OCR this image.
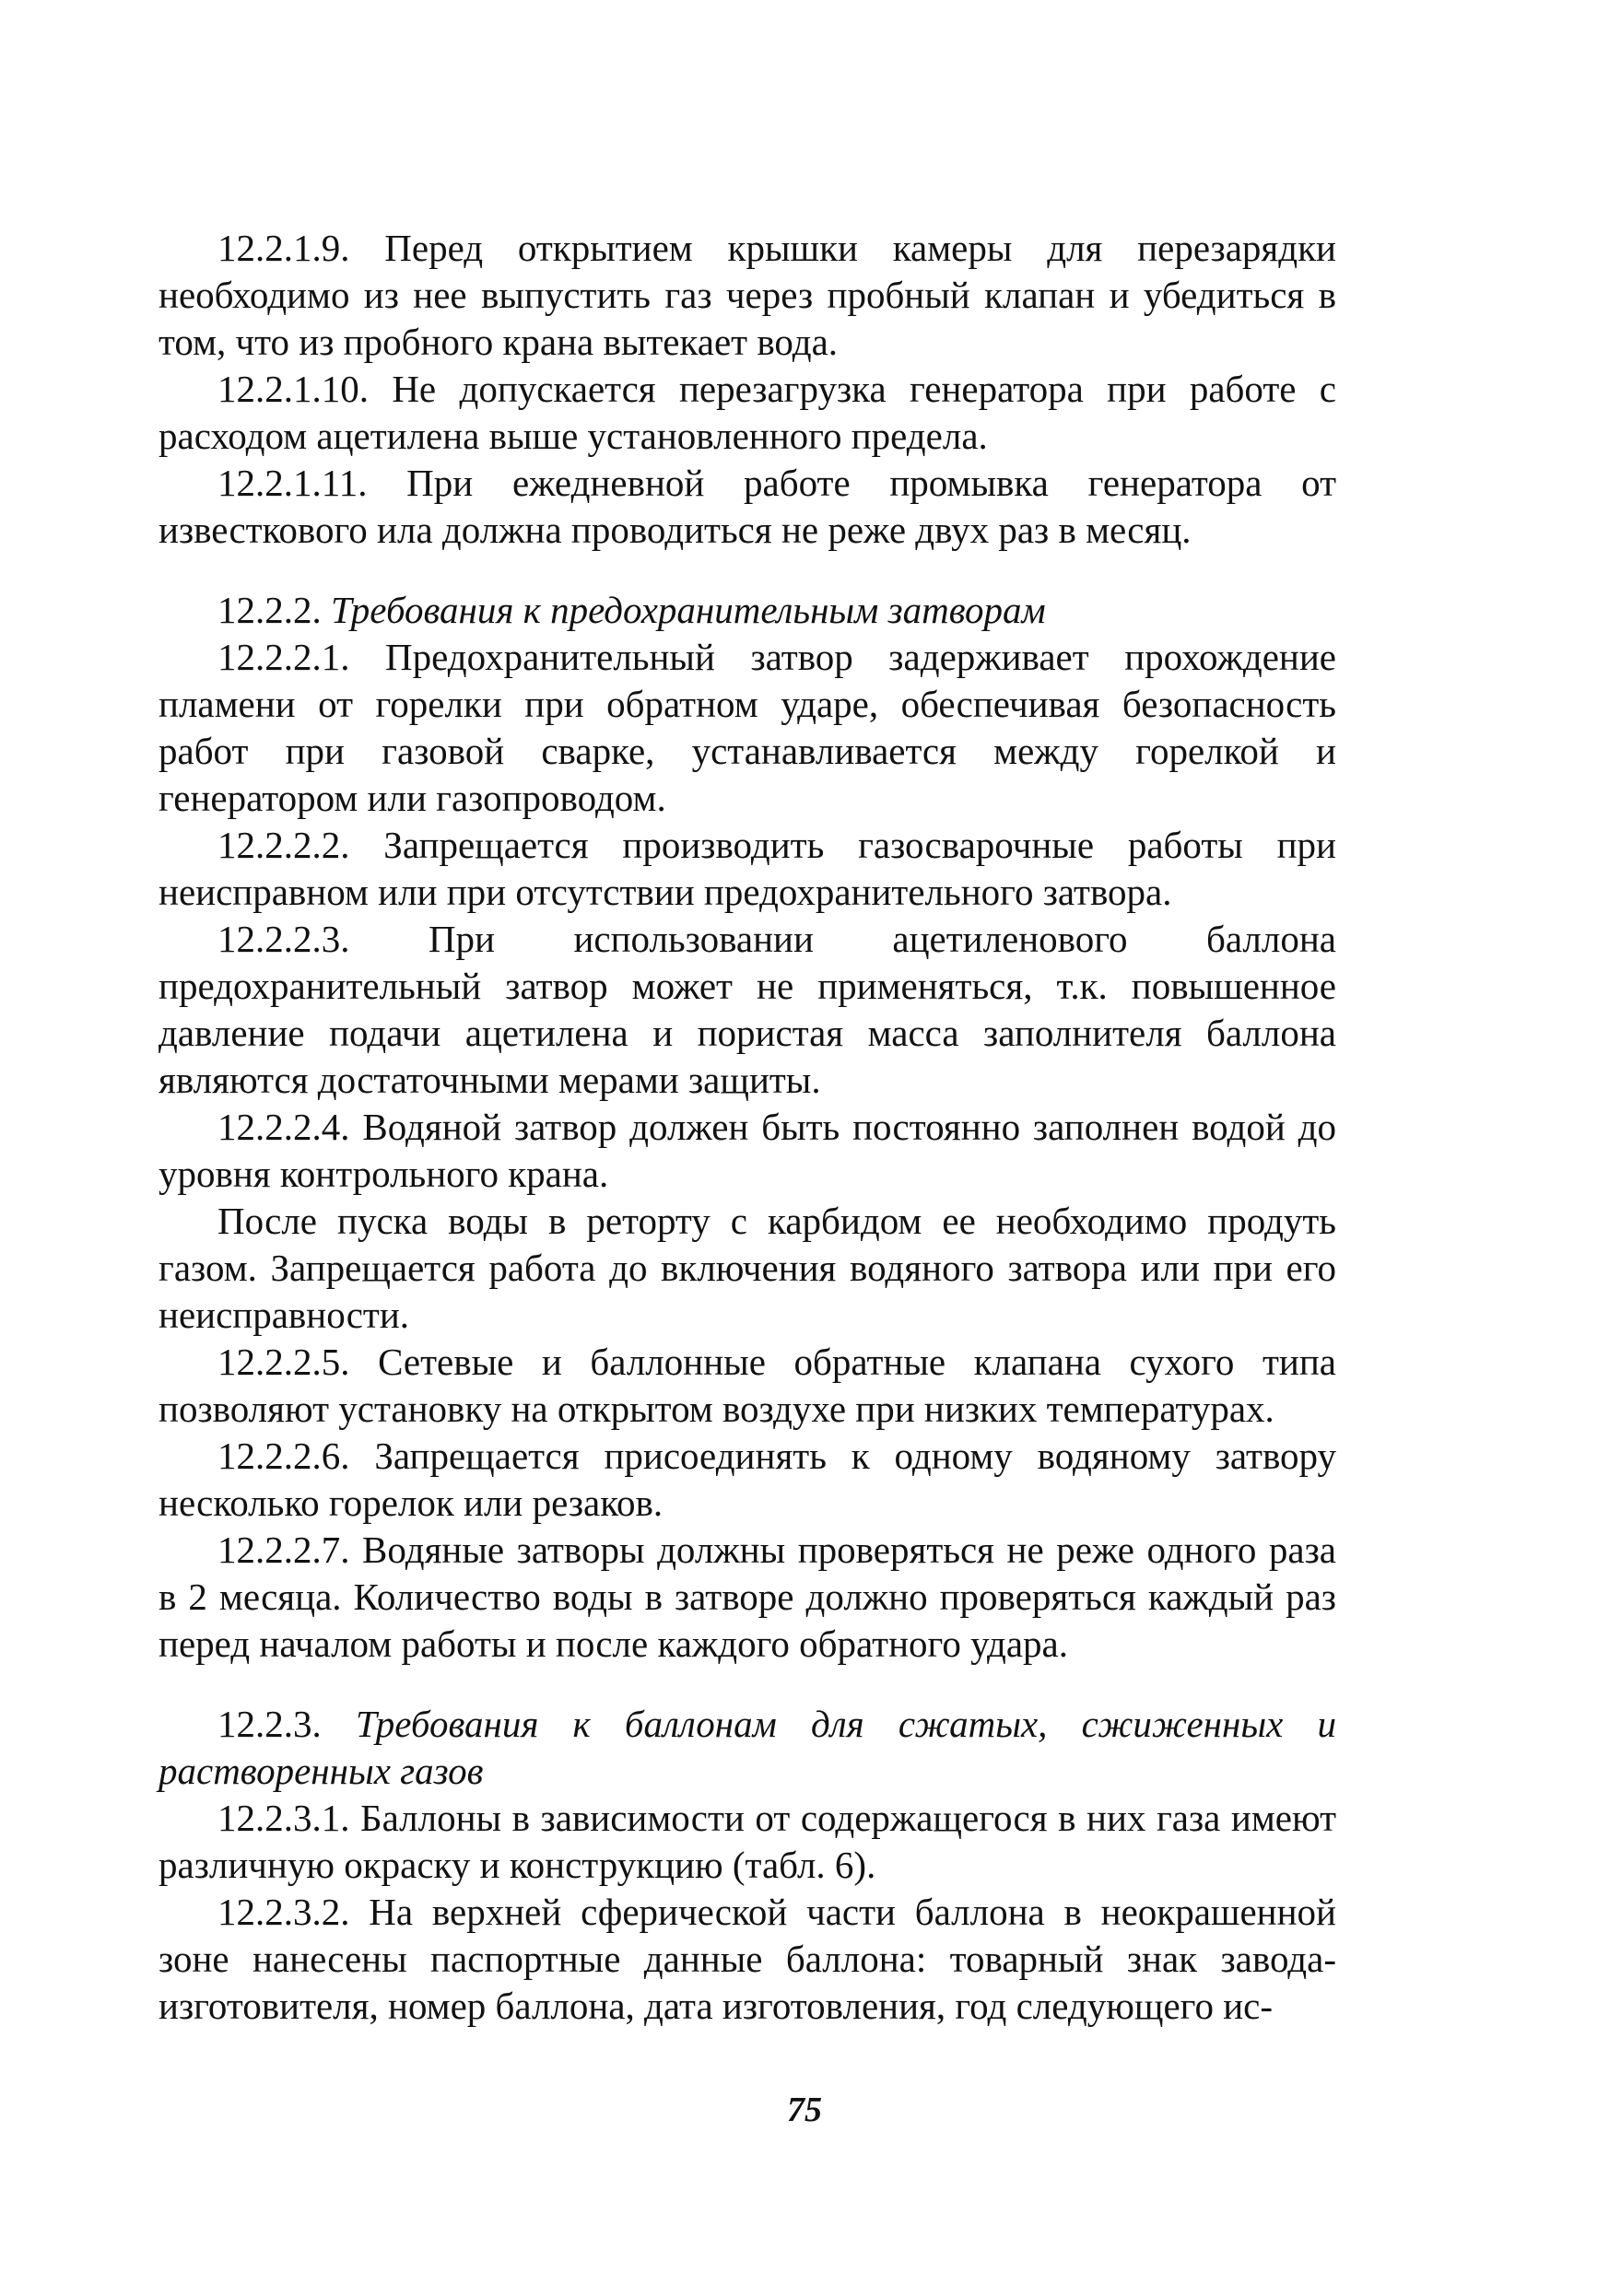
12.2.1.9. Перед открытием крышки камеры для перезарядки необходимо из нее выпустить газ через пробный клапан и убедиться в том, что из пробного крана вытекает вода.

12.2.1.10. Не допускается перезагрузка генератора при работе с расходом ацетилена выше установленного предела.

12.2.1.11. При ежедневной работе промывка генератора от известкового ила должна проводиться не реже двух раз в месяц.

12.2.2. Требования к предохранительным затворам

12.2.2.1. Предохранительный затвор задерживает прохождение пламени от горелки при обратном ударе, обеспечивая безопасность работ при газовой сварке, устанавливается между горелкой и генератором или газопроводом.

12.2.2.2. Запрещается производить газосварочные работы при неисправном или при отсутствии предохранительного затвора.

12.2.2.3. При использовании ацетиленового баллона предохранительный затвор может не применяться, т.к. повышенное давление подачи ацетилена и пористая масса заполнителя баллона являются достаточными мерами защиты.

12.2.2.4. Водяной затвор должен быть постоянно заполнен водой до уровня контрольного крана.

После пуска воды в реторту с карбидом ее необходимо продуть газом. Запрещается работа до включения водяного затвора или при его неисправности.

12.2.2.5. Сетевые и баллонные обратные клапана сухого типа позволяют установку на открытом воздухе при низких температурах.

12.2.2.6. Запрещается присоединять к одному водяному затвору несколько горелок или резаков.

12.2.2.7. Водяные затворы должны проверяться не реже одного раза в 2 месяца. Количество воды в затворе должно проверяться каждый раз перед началом работы и после каждого обратного удара.

12.2.3. Требования к баллонам для сжатых, сжиженных и растворенных газов

12.2.3.1. Баллоны в зависимости от содержащегося в них газа имеют различную окраску и конструкцию (табл. 6).

12.2.3.2. На верхней сферической части баллона в неокрашенной зоне нанесены паспортные данные баллона: товарный знак завода-изготовителя, номер баллона, дата изготовления, год следующего ис-

75
